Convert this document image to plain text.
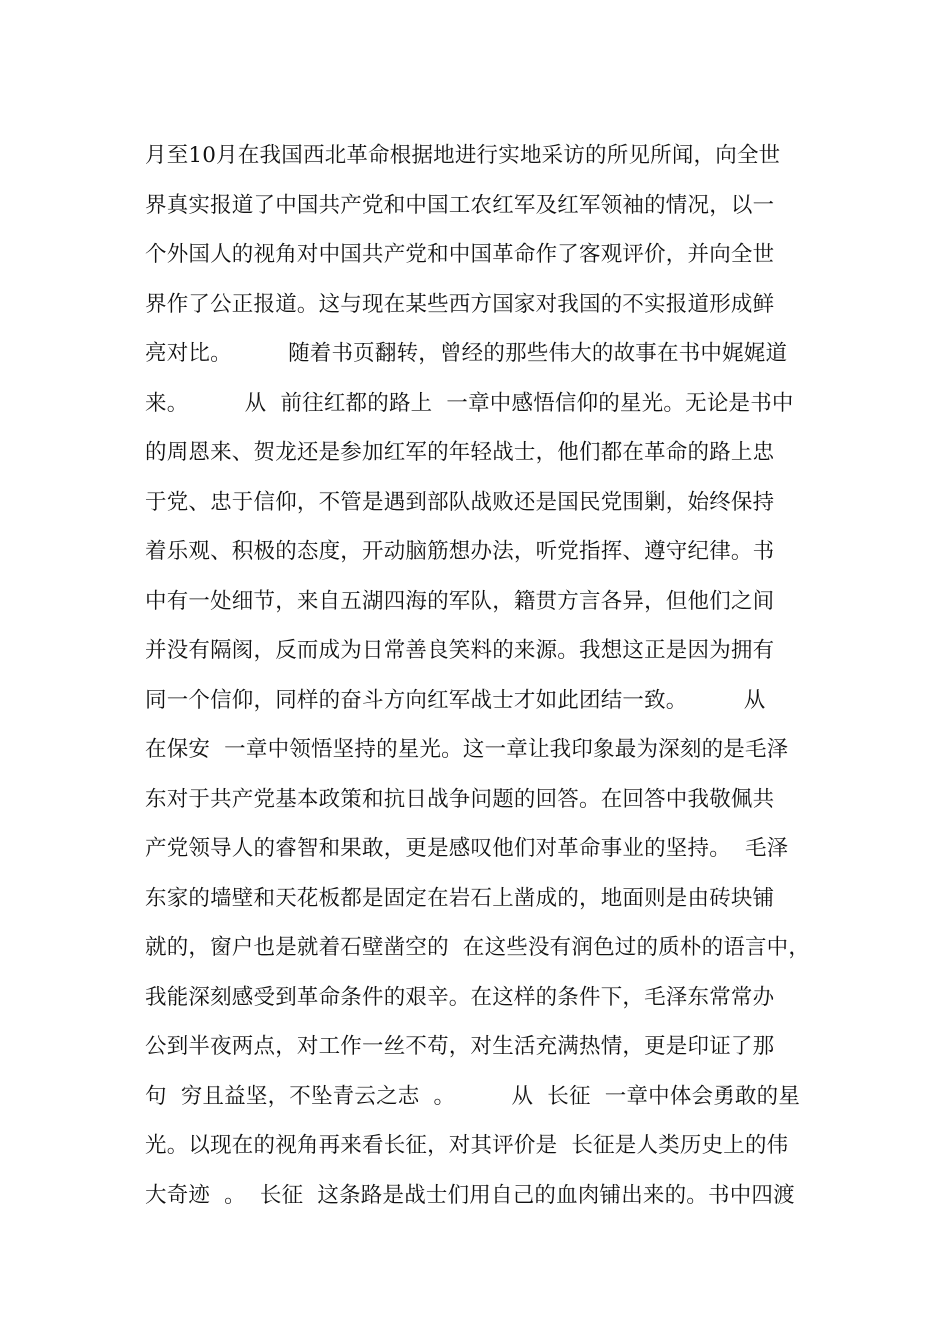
月至10月在我国西北革命根据地进行实地采访的所见所闻，向全世
界真实报道了中国共产党和中国工农红军及红军领袖的情况，以一
个外国人的视角对中国共产党和中国革命作了客观评价，并向全世
界作了公正报道。这与现在某些西方国家对我国的不实报道形成鲜
亮对比。        随着书页翻转，曾经的那些伟大的故事在书中娓娓道
来。        从  前往红都的路上  一章中感悟信仰的星光。无论是书中
的周恩来、贺龙还是参加红军的年轻战士，他们都在革命的路上忠
于党、忠于信仰，不管是遇到部队战败还是国民党围剿，始终保持
着乐观、积极的态度，开动脑筋想办法，听党指挥、遵守纪律。书
中有一处细节，来自五湖四海的军队，籍贯方言各异，但他们之间
并没有隔阂，反而成为日常善良笑料的来源。我想这正是因为拥有
同一个信仰，同样的奋斗方向红军战士才如此团结一致。        从
在保安  一章中领悟坚持的星光。这一章让我印象最为深刻的是毛泽
东对于共产党基本政策和抗日战争问题的回答。在回答中我敬佩共
产党领导人的睿智和果敢，更是感叹他们对革命事业的坚持。  毛泽
东家的墙壁和天花板都是固定在岩石上凿成的，地面则是由砖块铺
就的，窗户也是就着石壁凿空的  在这些没有润色过的质朴的语言中，
我能深刻感受到革命条件的艰辛。在这样的条件下，毛泽东常常办
公到半夜两点，对工作一丝不苟，对生活充满热情，更是印证了那
句  穷且益坚，不坠青云之志  。        从  长征  一章中体会勇敢的星
光。以现在的视角再来看长征，对其评价是  长征是人类历史上的伟
大奇迹  。  长征  这条路是战士们用自己的血肉铺出来的。书中四渡
